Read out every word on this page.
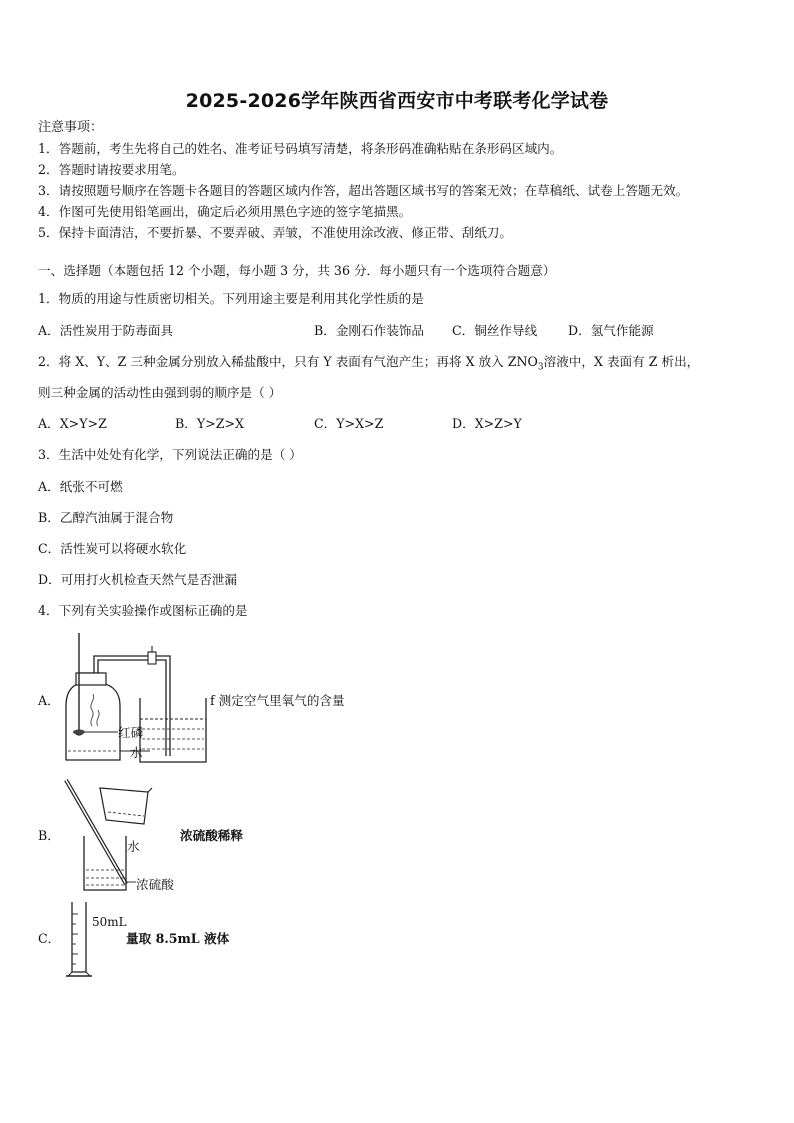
2025-2026学年陕西省西安市中考联考化学试卷
注意事项：
1．答题前，考生先将自己的姓名、准考证号码填写清楚，将条形码准确粘贴在条形码区域内。
2．答题时请按要求用笔。
3．请按照题号顺序在答题卡各题目的答题区域内作答，超出答题区域书写的答案无效；在草稿纸、试卷上答题无效。
4．作图可先使用铅笔画出，确定后必须用黑色字迹的签字笔描黑。
5．保持卡面清洁，不要折暴、不要弄破、弄皱，不准使用涂改液、修正带、刮纸刀。
一、选择题（本题包括 12 个小题，每小题 3 分，共 36 分．每小题只有一个选项符合题意）
1．物质的用途与性质密切相关。下列用途主要是利用其化学性质的是
A．活性炭用于防毒面具	B．金刚石作装饰品 C．铜丝作导线 D．氢气作能源
2．将 X、Y、Z 三种金属分别放入稀盐酸中，只有 Y 表面有气泡产生；再将 X 放入 $ZNO_3$溶液中，X 表面有 Z 析出，
则三种金属的活动性由强到弱的顺序是（ ）
A．X>Y>Z	B．Y>Z>X	C．Y>X>Z	D．X>Z>Y
3．生活中处处有化学，下列说法正确的是（ ）
A．纸张不可燃
B．乙醇汽油属于混合物
C．活性炭可以将硬水软化
D．可用打火机检查天然气是否泄漏
4．下列有关实验操作或图标正确的是
A．
红磷
水
f 测定空气里氧气的含量
B．
水
浓硫酸
浓硫酸稀释
C．
50mL
量取 8.5mL 液体
